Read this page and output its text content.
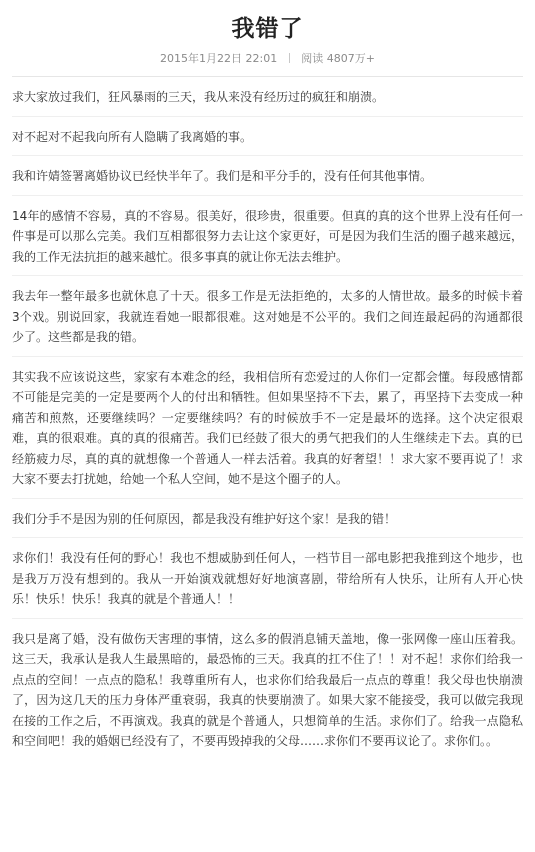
我错了
2015年1月22日 22:01 阅读 4807万+

求大家放过我们，狂风暴雨的三天，我从来没有经历过的疯狂和崩溃。

对不起对不起我向所有人隐瞒了我离婚的事。

我和许婧签署离婚协议已经快半年了。我们是和平分手的，没有任何其他事情。

14年的感情不容易，真的不容易。很美好，很珍贵，很重要。但真的真的这个世界上没有任何一件事是可以那么完美。我们互相都很努力去让这个家更好，可是因为我们生活的圈子越来越远，我的工作无法抗拒的越来越忙。很多事真的就让你无法去维护。

我去年一整年最多也就休息了十天。很多工作是无法拒绝的，太多的人情世故。最多的时候卡着3个戏。别说回家，我就连看她一眼都很难。这对她是不公平的。我们之间连最起码的沟通都很少了。这些都是我的错。

其实我不应该说这些，家家有本难念的经，我相信所有恋爱过的人你们一定都会懂。每段感情都不可能是完美的一定是要两个人的付出和牺牲。但如果坚持不下去，累了，再坚持下去变成一种痛苦和煎熬，还要继续吗？一定要继续吗？有的时候放手不一定是最坏的选择。这个决定很艰难，真的很艰难。真的真的很痛苦。我们已经鼓了很大的勇气把我们的人生继续走下去。真的已经筋疲力尽，真的真的就想像一个普通人一样去活着。我真的好奢望！！求大家不要再说了！求大家不要去打扰她，给她一个私人空间，她不是这个圈子的人。

我们分手不是因为别的任何原因，都是我没有维护好这个家！是我的错！

求你们！我没有任何的野心！我也不想威胁到任何人，一档节目一部电影把我推到这个地步，也是我万万没有想到的。我从一开始演戏就想好好地演喜剧，带给所有人快乐，让所有人开心快乐！快乐！快乐！我真的就是个普通人！！

我只是离了婚，没有做伤天害理的事情，这么多的假消息铺天盖地，像一张网像一座山压着我。这三天，我承认是我人生最黑暗的，最恐怖的三天。我真的扛不住了！！对不起！求你们给我一点点的空间！一点点的隐私！我尊重所有人，也求你们给我最后一点点的尊重！我父母也快崩溃了，因为这几天的压力身体严重衰弱，我真的快要崩溃了。如果大家不能接受，我可以做完我现在接的工作之后，不再演戏。我真的就是个普通人，只想简单的生活。求你们了。给我一点隐私和空间吧！我的婚姻已经没有了，不要再毁掉我的父母……求你们不要再议论了。求你们。。
